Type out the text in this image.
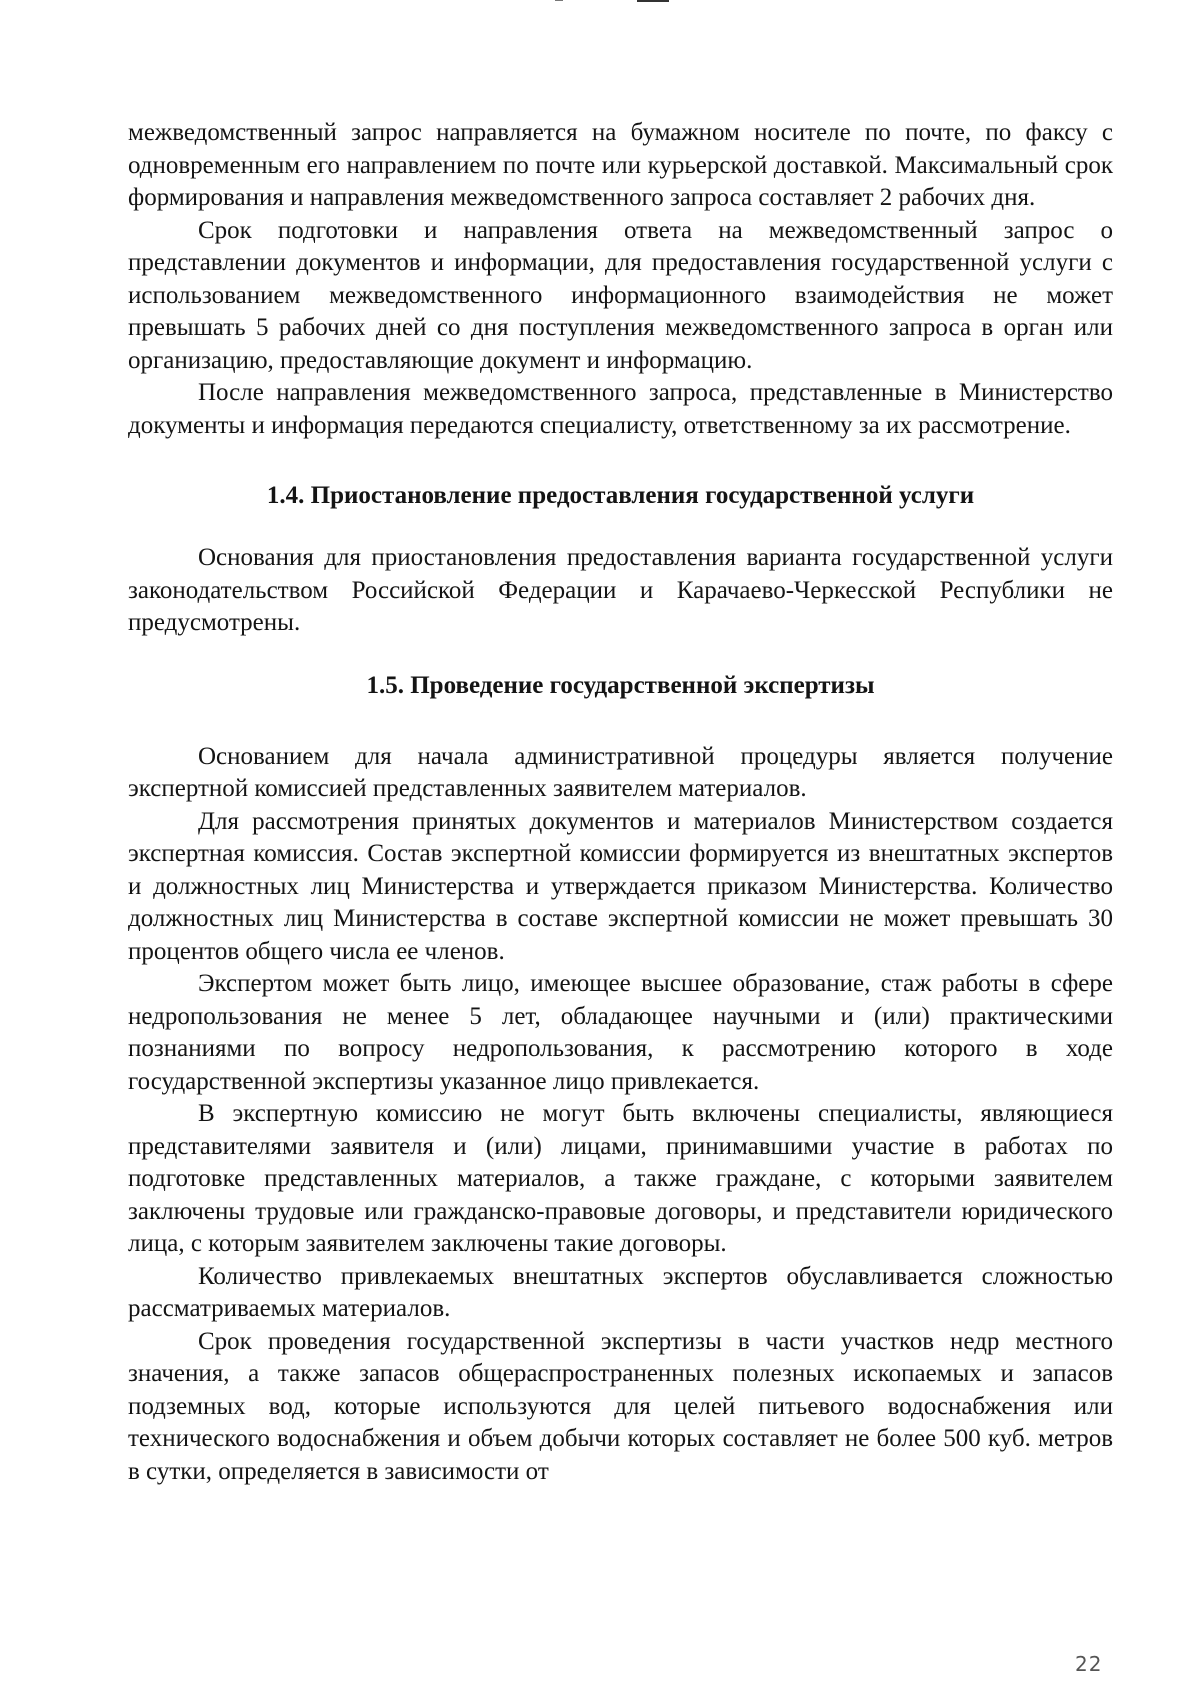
межведомственный запрос направляется на бумажном носителе по почте, по факсу с одновременным его направлением по почте или курьерской доставкой. Максимальный срок формирования и направления межведомственного запроса составляет 2 рабочих дня.

Срок подготовки и направления ответа на межведомственный запрос о представлении документов и информации, для предоставления государственной услуги с использованием межведомственного информационного взаимодействия не может превышать 5 рабочих дней со дня поступления межведомственного запроса в орган или организацию, предоставляющие документ и информацию.

После направления межведомственного запроса, представленные в Министерство документы и информация передаются специалисту, ответственному за их рассмотрение.

1.4. Приостановление предоставления государственной услуги

Основания для приостановления предоставления варианта государственной услуги законодательством Российской Федерации и Карачаево-Черкесской Республики не предусмотрены.

1.5. Проведение государственной экспертизы

Основанием для начала административной процедуры является получение экспертной комиссией представленных заявителем материалов.

Для рассмотрения принятых документов и материалов Министерством создается экспертная комиссия. Состав экспертной комиссии формируется из внештатных экспертов и должностных лиц Министерства и утверждается приказом Министерства. Количество должностных лиц Министерства в составе экспертной комиссии не может превышать 30 процентов общего числа ее членов.

Экспертом может быть лицо, имеющее высшее образование, стаж работы в сфере недропользования не менее 5 лет, обладающее научными и (или) практическими познаниями по вопросу недропользования, к рассмотрению которого в ходе государственной экспертизы указанное лицо привлекается.

В экспертную комиссию не могут быть включены специалисты, являющиеся представителями заявителя и (или) лицами, принимавшими участие в работах по подготовке представленных материалов, а также граждане, с которыми заявителем заключены трудовые или гражданско-правовые договоры, и представители юридического лица, с которым заявителем заключены такие договоры.

Количество привлекаемых внештатных экспертов обуславливается сложностью рассматриваемых материалов.

Срок проведения государственной экспертизы в части участков недр местного значения, а также запасов общераспространенных полезных ископаемых и запасов подземных вод, которые используются для целей питьевого водоснабжения или технического водоснабжения и объем добычи которых составляет не более 500 куб. метров в сутки, определяется в зависимости от

22
